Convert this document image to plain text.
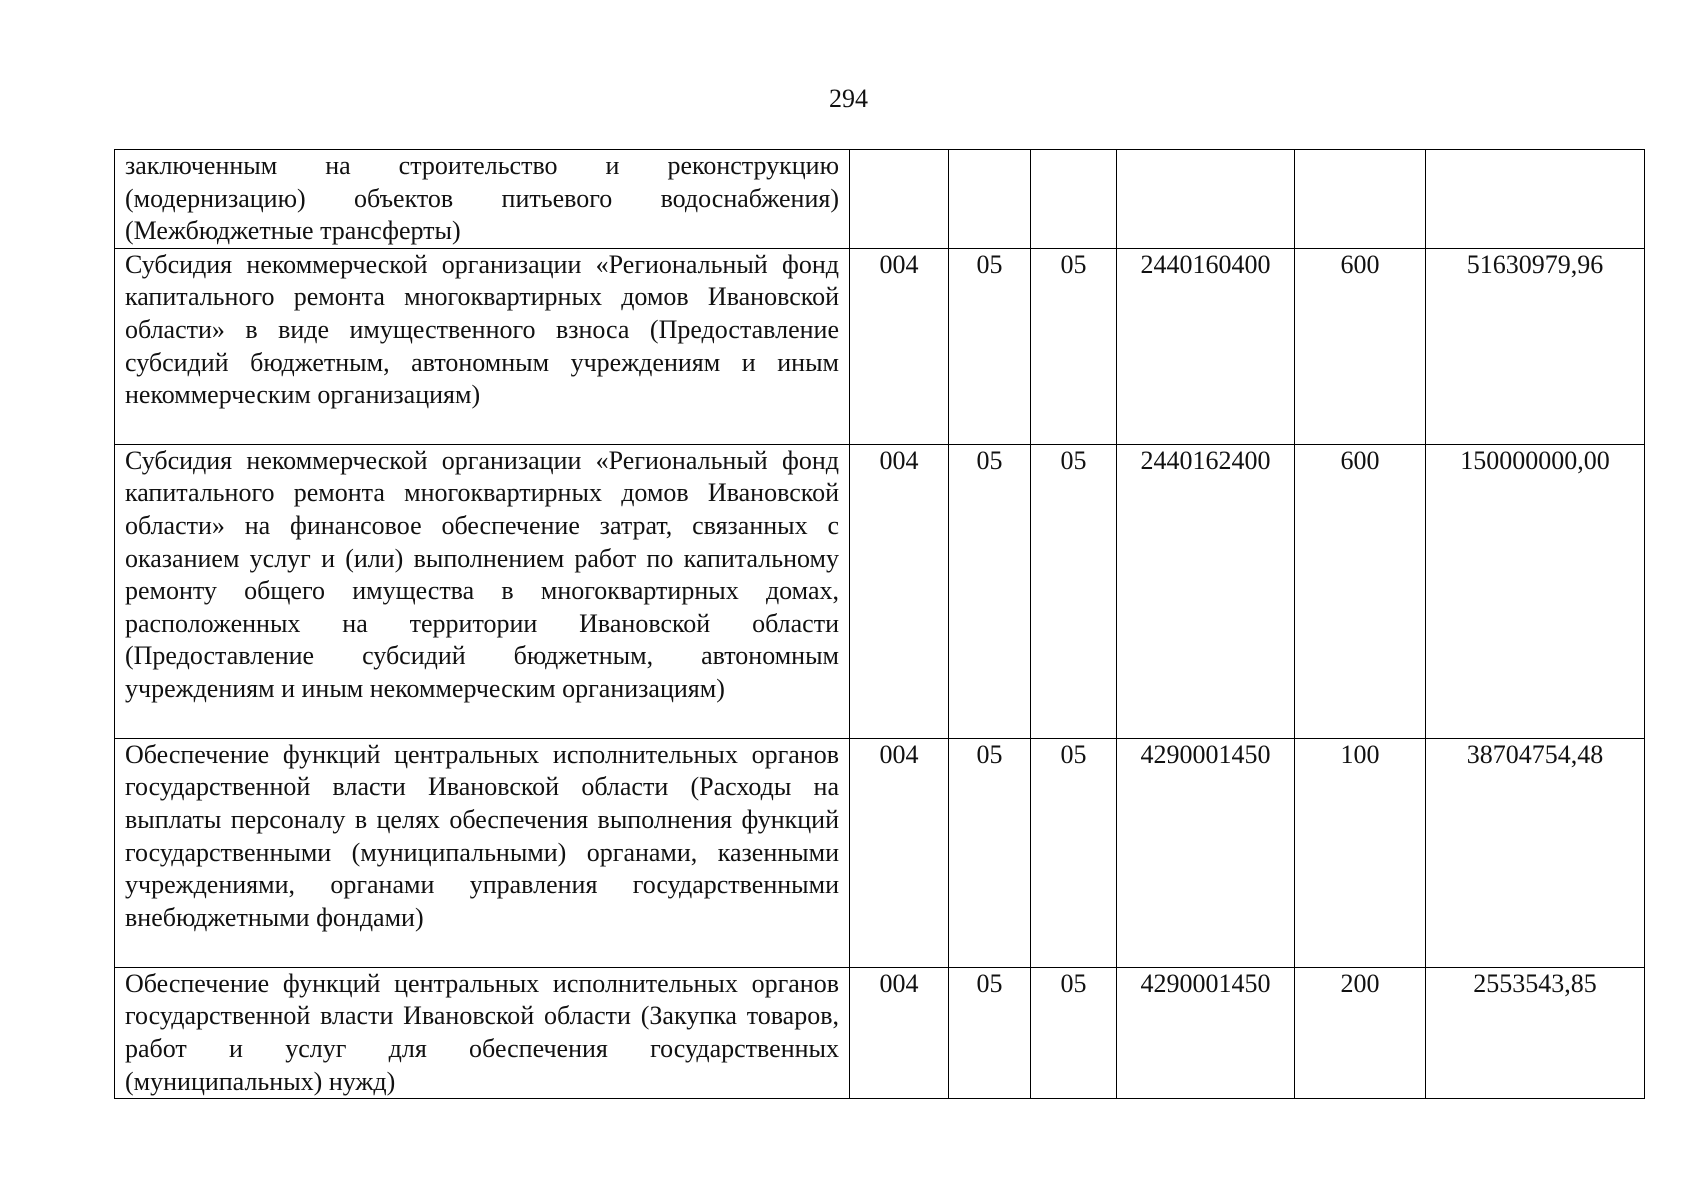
294
заключенным на строительство и реконструкцию (модернизацию) объектов питьевого водоснабжения) (Межбюджетные трансферты)						

Субсидия некоммерческой организации «Региональный фонд капитального ремонта многоквартирных домов Ивановской области» в виде имущественного взноса (Предоставление субсидий бюджетным, автономным учреждениям и иным некоммерческим организациям)	004	05	05	2440160400	600	51630979,96

Субсидия некоммерческой организации «Региональный фонд капитального ремонта многоквартирных домов Ивановской области» на финансовое обеспечение затрат, связанных с оказанием услуг и (или) выполнением работ по капитальному ремонту общего имущества в многоквартирных домах, расположенных на территории Ивановской области (Предоставление субсидий бюджетным, автономным учреждениям и иным некоммерческим организациям)	004	05	05	2440162400	600	150000000,00

Обеспечение функций центральных исполнительных органов государственной власти Ивановской области (Расходы на выплаты персоналу в целях обеспечения выполнения функций государственными (муниципальными) органами, казенными учреждениями, органами управления государственными внебюджетными фондами)	004	05	05	4290001450	100	38704754,48

Обеспечение функций центральных исполнительных органов государственной власти Ивановской области (Закупка товаров, работ и услуг для обеспечения государственных (муниципальных) нужд)	004	05	05	4290001450	200	2553543,85
